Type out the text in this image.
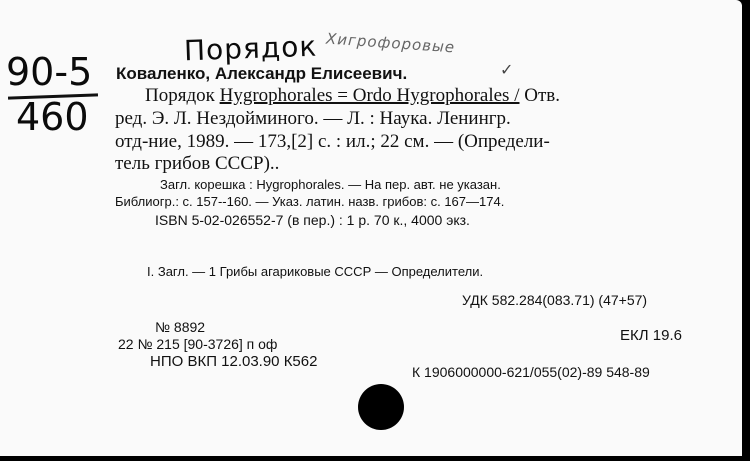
Порядок Хигрофоровые
✓
90-5
460
Коваленко, Александр Елисеевич.
Порядок Hygrophorales = Ordo Hygrophorales / Отв.
ред. Э. Л. Нездойминого. — Л. : Наука. Ленингр.
отд-ние, 1989. — 173,[2] с. : ил.; 22 см. — (Определи-
тель грибов СССР)..
Загл. корешка : Hygrophorales. — На пер. авт. не указан.
Библиогр.: с. 157--160. — Указ. латин. назв. грибов: с. 167—174.
ISBN 5-02-026552-7 (в пер.) : 1 р. 70 к., 4000 экз.
I. Загл. — 1 Грибы агариковые СССР — Определители.
УДК 582.284(083.71) (47+57)
№ 8892
22 № 215 [90-3726] п оф
НПО ВКП 12.03.90 К562
ЕКЛ 19.6
К 1906000000-621/055(02)-89 548-89
